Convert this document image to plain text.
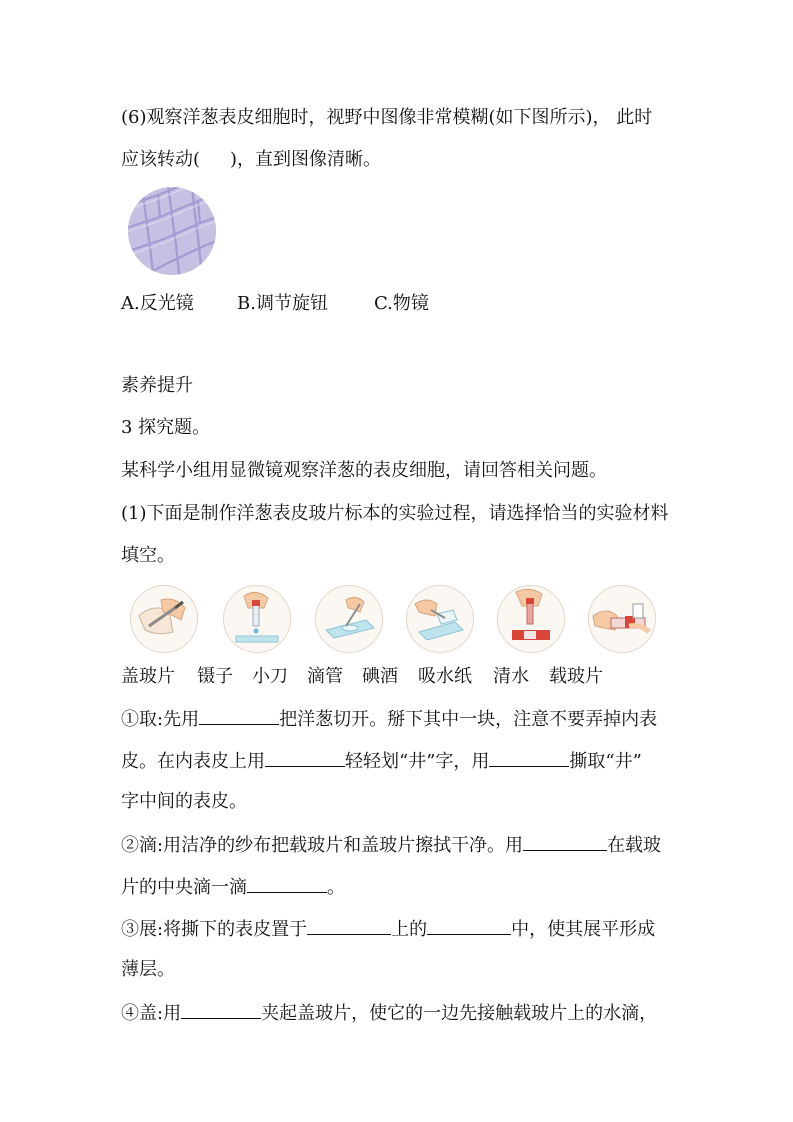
(6)观察洋葱表皮细胞时，视野中图像非常模糊(如下图所示)， 此时
应该转动( )，直到图像清晰。
A.反光镜 B.调节旋钮	C.物镜
素养提升
3 探究题。
某科学小组用显微镜观察洋葱的表皮细胞，请回答相关问题。
(1)下面是制作洋葱表皮玻片标本的实验过程，请选择恰当的实验材料
填空。
盖玻片 镊子 小刀 滴管 碘酒 吸水纸 清水 载玻片
①取:先用	把洋葱切开。掰下其中一块，注意不要弄掉内表
皮。在内表皮上用	轻轻划“井”字，用	撕取“井”
字中间的表皮。
②滴:用洁净的纱布把载玻片和盖玻片擦拭干净。用	在载玻
片的中央滴一滴	。
③展:将撕下的表皮置于	上的	中，使其展平形成
薄层。
④盖:用	夹起盖玻片，使它的一边先接触载玻片上的水滴，
